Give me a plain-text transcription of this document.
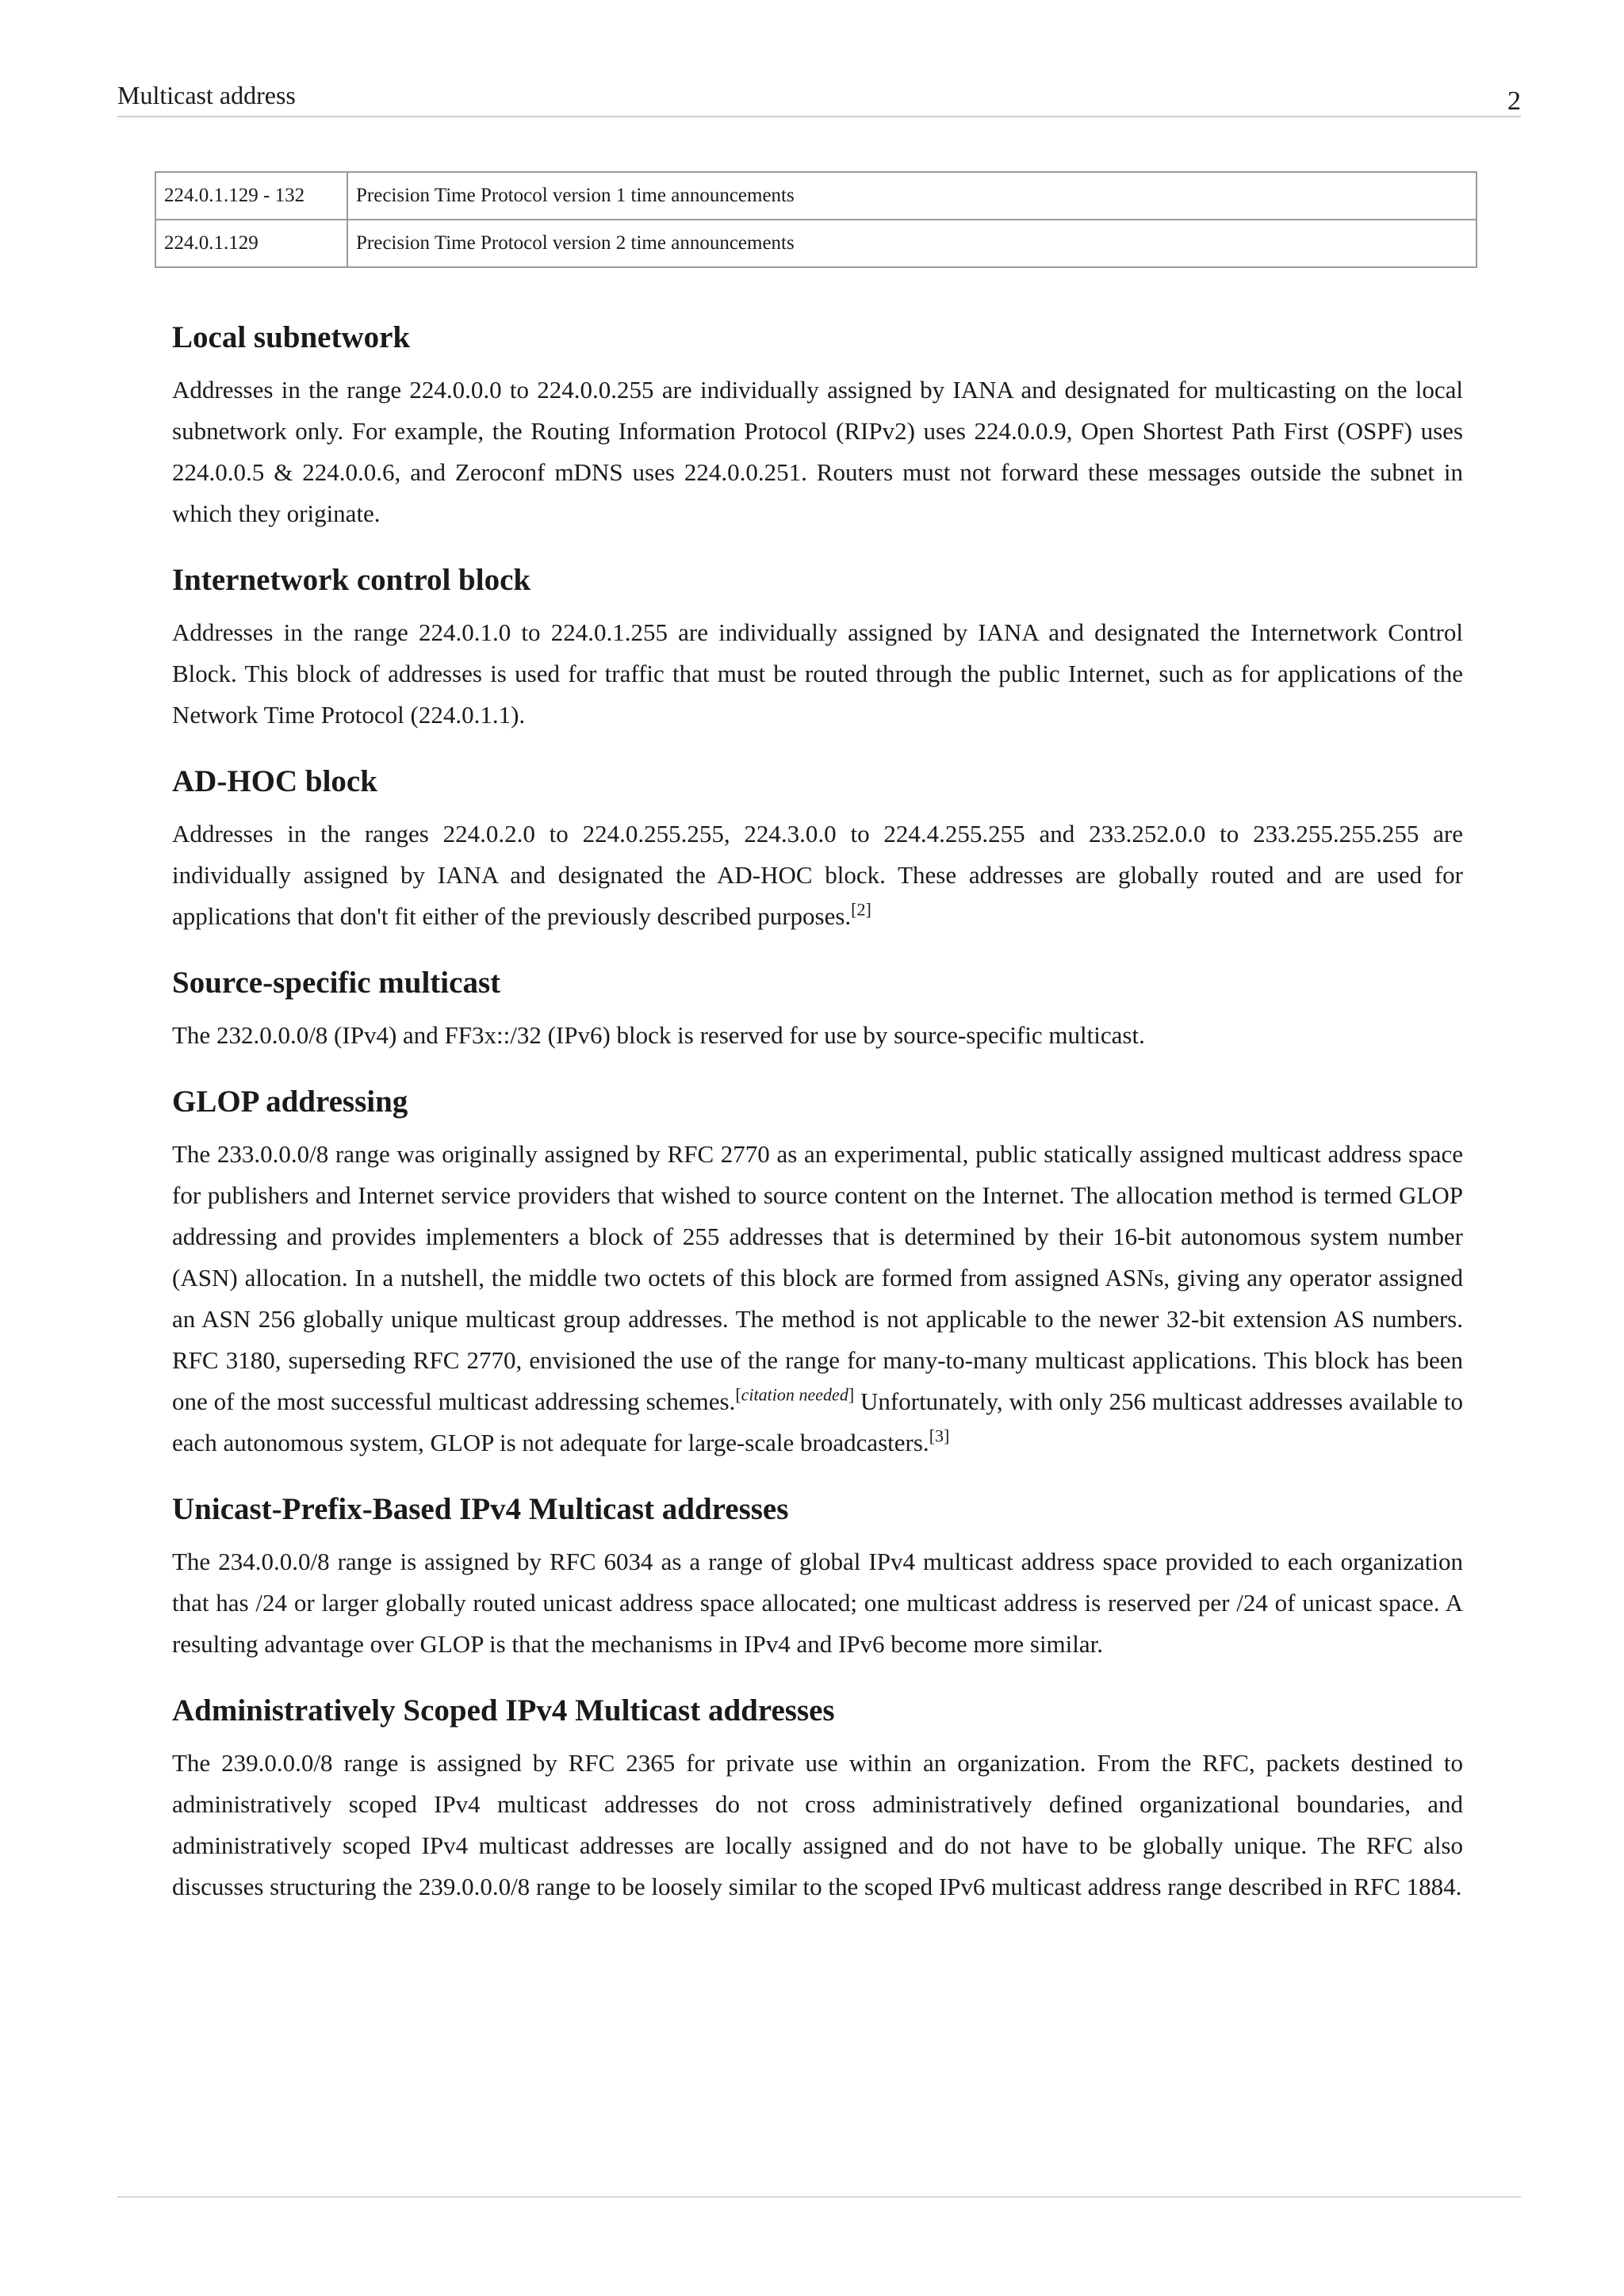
Multicast address	2
224.0.1.129 - 132	Precision Time Protocol version 1 time announcements
224.0.1.129	Precision Time Protocol version 2 time announcements
Local subnetwork

Addresses in the range 224.0.0.0 to 224.0.0.255 are individually assigned by IANA and designated for multicasting on the local subnetwork only. For example, the Routing Information Protocol (RIPv2) uses 224.0.0.9, Open Shortest Path First (OSPF) uses 224.0.0.5 & 224.0.0.6, and Zeroconf mDNS uses 224.0.0.251. Routers must not forward these messages outside the subnet in which they originate.

Internetwork control block

Addresses in the range 224.0.1.0 to 224.0.1.255 are individually assigned by IANA and designated the Internetwork Control Block. This block of addresses is used for traffic that must be routed through the public Internet, such as for applications of the Network Time Protocol (224.0.1.1).

AD-HOC block

Addresses in the ranges 224.0.2.0 to 224.0.255.255, 224.3.0.0 to 224.4.255.255 and 233.252.0.0 to 233.255.255.255 are individually assigned by IANA and designated the AD-HOC block. These addresses are globally routed and are used for applications that don't fit either of the previously described purposes.[2]

Source-specific multicast

The 232.0.0.0/8 (IPv4) and FF3x::/32 (IPv6) block is reserved for use by source-specific multicast.

GLOP addressing

The 233.0.0.0/8 range was originally assigned by RFC 2770 as an experimental, public statically assigned multicast address space for publishers and Internet service providers that wished to source content on the Internet. The allocation method is termed GLOP addressing and provides implementers a block of 255 addresses that is determined by their 16-bit autonomous system number (ASN) allocation. In a nutshell, the middle two octets of this block are formed from assigned ASNs, giving any operator assigned an ASN 256 globally unique multicast group addresses. The method is not applicable to the newer 32-bit extension AS numbers. RFC 3180, superseding RFC 2770, envisioned the use of the range for many-to-many multicast applications. This block has been one of the most successful multicast addressing schemes.[citation needed] Unfortunately, with only 256 multicast addresses available to each autonomous system, GLOP is not adequate for large-scale broadcasters.[3]

Unicast-Prefix-Based IPv4 Multicast addresses

The 234.0.0.0/8 range is assigned by RFC 6034 as a range of global IPv4 multicast address space provided to each organization that has /24 or larger globally routed unicast address space allocated; one multicast address is reserved per /24 of unicast space. A resulting advantage over GLOP is that the mechanisms in IPv4 and IPv6 become more similar.

Administratively Scoped IPv4 Multicast addresses

The 239.0.0.0/8 range is assigned by RFC 2365 for private use within an organization. From the RFC, packets destined to administratively scoped IPv4 multicast addresses do not cross administratively defined organizational boundaries, and administratively scoped IPv4 multicast addresses are locally assigned and do not have to be globally unique. The RFC also discusses structuring the 239.0.0.0/8 range to be loosely similar to the scoped IPv6 multicast address range described in RFC 1884.
